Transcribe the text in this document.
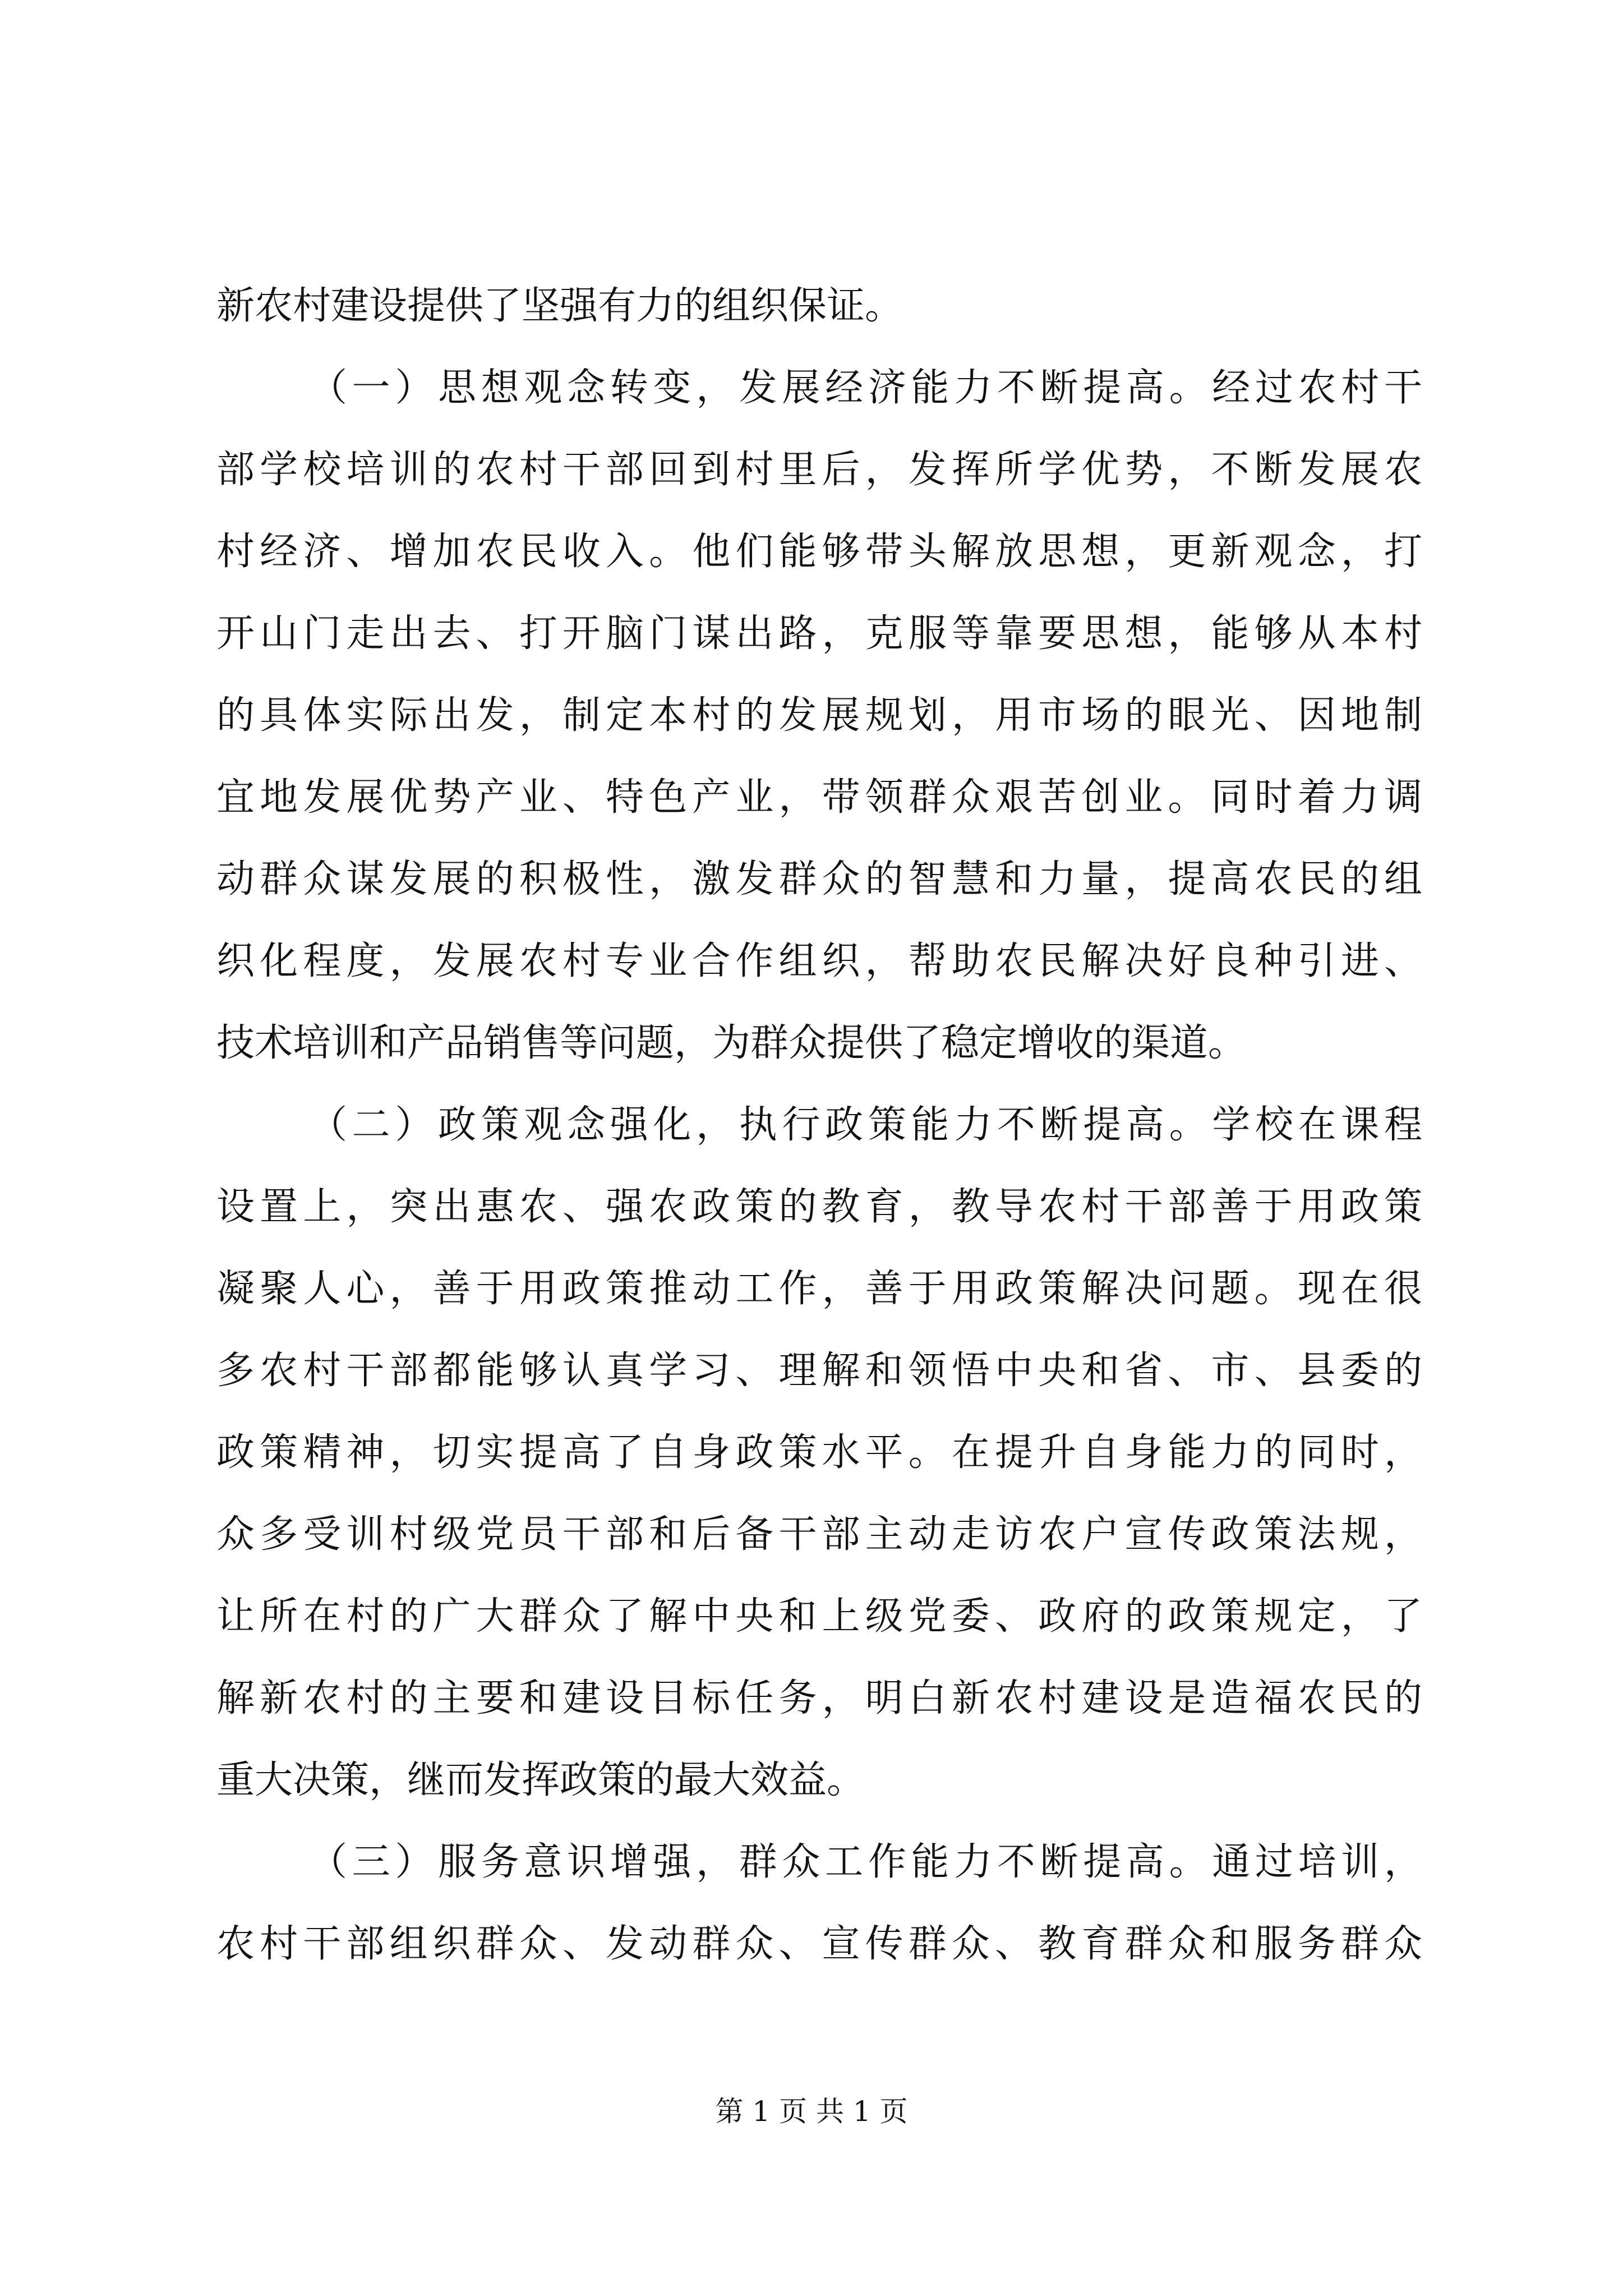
新农村建设提供了坚强有力的组织保证。
（一）思想观念转变，发展经济能力不断提高。经过农村干
部学校培训的农村干部回到村里后，发挥所学优势，不断发展农
村经济、增加农民收入。他们能够带头解放思想，更新观念，打
开山门走出去、打开脑门谋出路，克服等靠要思想，能够从本村
的具体实际出发，制定本村的发展规划，用市场的眼光、因地制
宜地发展优势产业、特色产业，带领群众艰苦创业。同时着力调
动群众谋发展的积极性，激发群众的智慧和力量，提高农民的组
织化程度，发展农村专业合作组织，帮助农民解决好良种引进、
技术培训和产品销售等问题，为群众提供了稳定增收的渠道。
（二）政策观念强化，执行政策能力不断提高。学校在课程
设置上，突出惠农、强农政策的教育，教导农村干部善于用政策
凝聚人心，善于用政策推动工作，善于用政策解决问题。现在很
多农村干部都能够认真学习、理解和领悟中央和省、市、县委的
政策精神，切实提高了自身政策水平。在提升自身能力的同时，
众多受训村级党员干部和后备干部主动走访农户宣传政策法规，
让所在村的广大群众了解中央和上级党委、政府的政策规定，了
解新农村的主要和建设目标任务，明白新农村建设是造福农民的
重大决策，继而发挥政策的最大效益。
（三）服务意识增强，群众工作能力不断提高。通过培训，
农村干部组织群众、发动群众、宣传群众、教育群众和服务群众
第 1 页 共 1 页
